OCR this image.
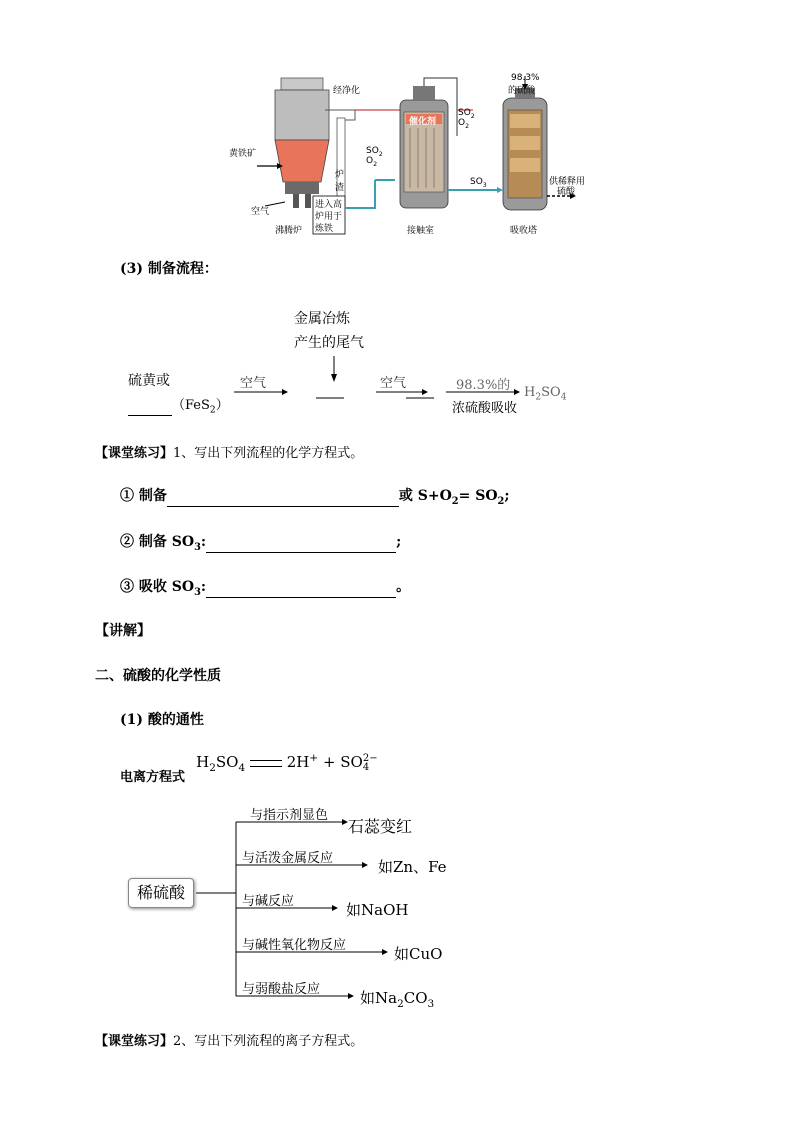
黄铁矿
空气
沸腾炉
经净化
炉
渣
进入高
炉用于
炼铁
$SO_2$
$O_2$
$SO_2$
$O_2$
催化剂
接触室
$SO_3$
98.3%
的硫酸
吸收塔
供稀释用
硫酸
(3) 制备流程：
金属冶炼
产生的尾气
硫黄或
（FeS$_2$）
空气	空气	98.3%的
浓硫酸吸收
$H_2SO_4$
【课堂练习】1、写出下列流程的化学方程式。
① 制备	或 $S+O_2= SO_2$;
② 制备 $SO_3$:	;
③ 吸收 $SO_3$:	。
【讲解】
二、硫酸的化学性质
(1) 酸的通性
$_{电离方程式}$ $H_2SO_4$	2H+ + SO 2−
4
稀硫酸
与指示剂显色
石蕊变红
与活泼金属反应	如Zn、Fe
与碱反应	如NaOH
与碱性氧化物反应	如CuO
与弱酸盐反应	如$Na_2CO_3$
【课堂练习】2、写出下列流程的离子方程式。
